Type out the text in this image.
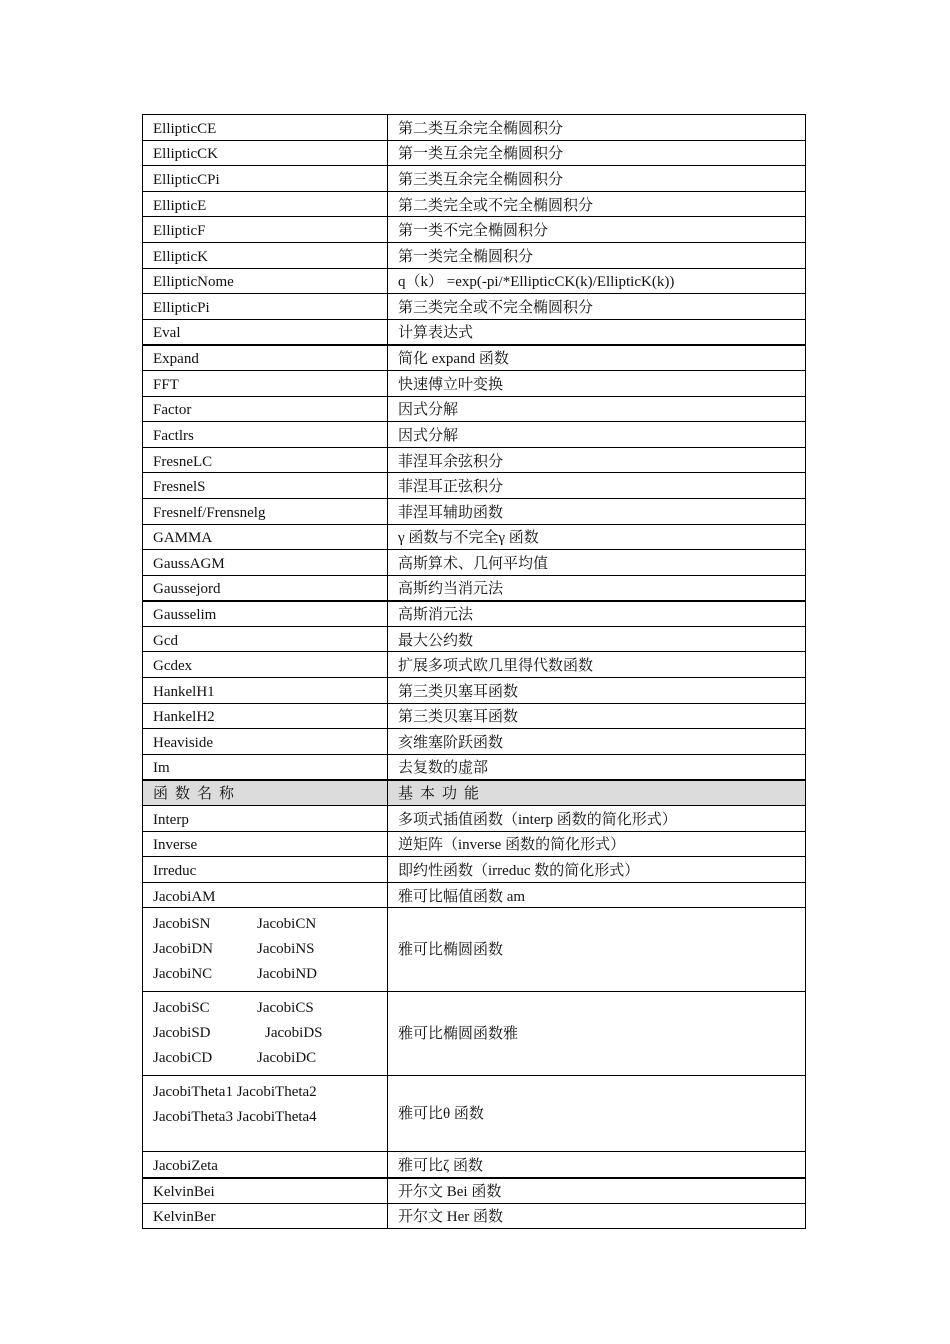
EllipticCE	第二类互余完全椭圆积分
EllipticCK	第一类互余完全椭圆积分
EllipticCPi	第三类互余完全椭圆积分
EllipticE	第二类完全或不完全椭圆积分
EllipticF	第一类不完全椭圆积分
EllipticK	第一类完全椭圆积分
EllipticNome	q（k） =exp(-pi/*EllipticCK(k)/EllipticK(k))
EllipticPi	第三类完全或不完全椭圆积分
Eval	计算表达式
Expand	简化 expand 函数
FFT	快速傅立叶变换
Factor	因式分解
Factlrs	因式分解
FresneLC	菲涅耳余弦积分
FresnelS	菲涅耳正弦积分
Fresnelf/Frensnelg	菲涅耳辅助函数
GAMMA	γ 函数与不完全γ 函数
GaussAGM	高斯算术、几何平均值
Gaussejord	高斯约当消元法
Gausselim	高斯消元法
Gcd	最大公约数
Gcdex	扩展多项式欧几里得代数函数
HankelH1	第三类贝塞耳函数
HankelH2	第三类贝塞耳函数
Heaviside	亥维塞阶跃函数
Im	去复数的虚部
函数名称	基本功能
Interp	多项式插值函数（interp 函数的简化形式）
Inverse	逆矩阵（inverse 函数的简化形式）
Irreduc	即约性函数（irreduc 数的简化形式）
JacobiAM	雅可比幅值函数 am

JacobiSN JacobiCN
JacobiDN JacobiNS
JacobiNC JacobiND	雅可比椭圆函数

JacobiSC JacobiCS
JacobiSD JacobiDS
JacobiCD JacobiDC	雅可比椭圆函数雅

JacobiTheta1 JacobiTheta2
JacobiTheta3 JacobiTheta4	雅可比θ 函数
JacobiZeta	雅可比ζ 函数
KelvinBei	开尔文 Bei 函数
KelvinBer	开尔文 Her 函数
